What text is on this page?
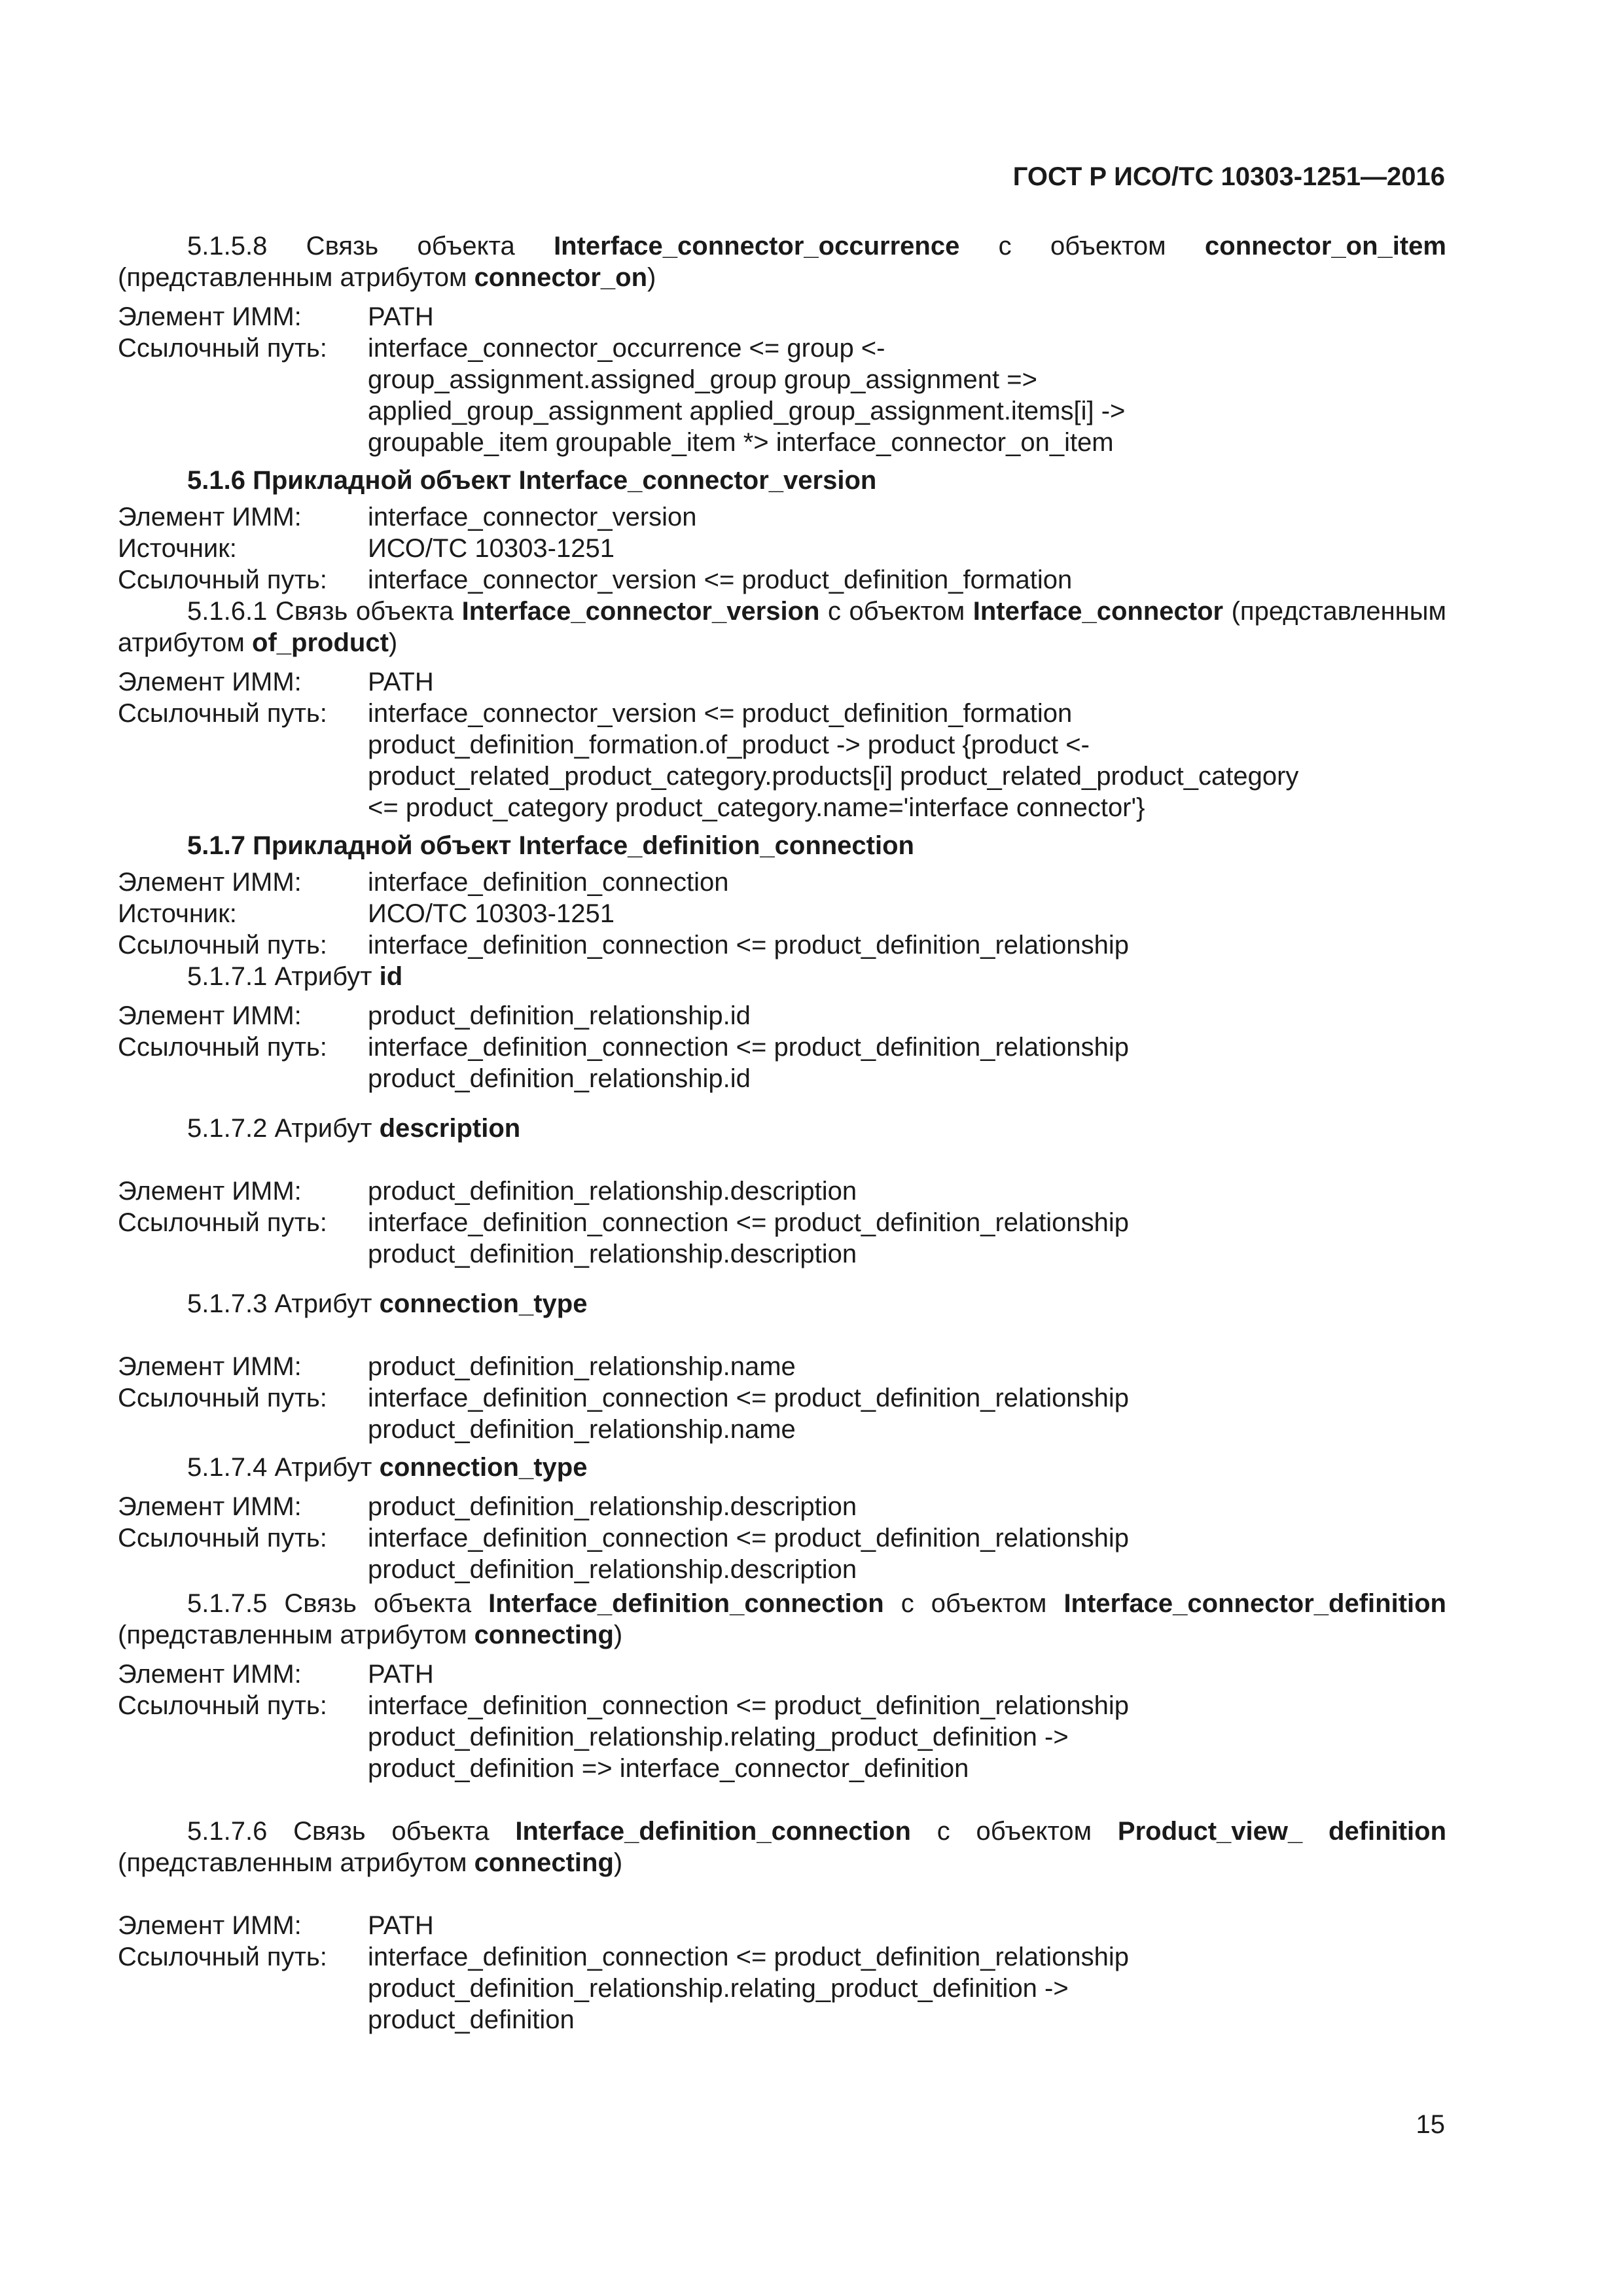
ГОСТ Р ИСО/ТС 10303-1251—2016

5.1.5.8 Связь объекта Interface_connector_occurrence с объектом connector_on_item (представленным атрибутом connector_on)

Элемент ИММ:	PATH
Ссылочный путь:	interface_connector_occurrence <= group <-
group_assignment.assigned_group group_assignment =>
applied_group_assignment applied_group_assignment.items[i] ->
groupable_item groupable_item *> interface_connector_on_item

5.1.6 Прикладной объект Interface_connector_version

Элемент ИММ:	interface_connector_version
Источник:	ИСО/ТС 10303-1251
Ссылочный путь:	interface_connector_version <= product_definition_formation

5.1.6.1 Связь объекта Interface_connector_version с объектом Interface_connector (представленным атрибутом of_product)

Элемент ИММ:	PATH
Ссылочный путь:	interface_connector_version <= product_definition_formation
product_definition_formation.of_product -> product {product <-
product_related_product_category.products[i] product_related_product_category
<= product_category product_category.name='interface connector'}

5.1.7 Прикладной объект Interface_definition_connection

Элемент ИММ:	interface_definition_connection
Источник:	ИСО/ТС 10303-1251
Ссылочный путь:	interface_definition_connection <= product_definition_relationship

5.1.7.1 Атрибут id

Элемент ИММ:	product_definition_relationship.id
Ссылочный путь:	interface_definition_connection <= product_definition_relationship
product_definition_relationship.id

5.1.7.2 Атрибут description

Элемент ИММ:	product_definition_relationship.description
Ссылочный путь:	interface_definition_connection <= product_definition_relationship
product_definition_relationship.description

5.1.7.3 Атрибут connection_type

Элемент ИММ:	product_definition_relationship.name
Ссылочный путь:	interface_definition_connection <= product_definition_relationship
product_definition_relationship.name

5.1.7.4 Атрибут connection_type

Элемент ИММ:	product_definition_relationship.description
Ссылочный путь:	interface_definition_connection <= product_definition_relationship
product_definition_relationship.description

5.1.7.5 Связь объекта Interface_definition_connection с объектом Interface_connector_definition (представленным атрибутом connecting)

Элемент ИММ:	PATH
Ссылочный путь:	interface_definition_connection <= product_definition_relationship
product_definition_relationship.relating_product_definition ->
product_definition => interface_connector_definition

5.1.7.6 Связь объекта Interface_definition_connection с объектом Product_view_ definition (представленным атрибутом connecting)

Элемент ИММ:	PATH
Ссылочный путь:	interface_definition_connection <= product_definition_relationship
product_definition_relationship.relating_product_definition ->
product_definition
15
